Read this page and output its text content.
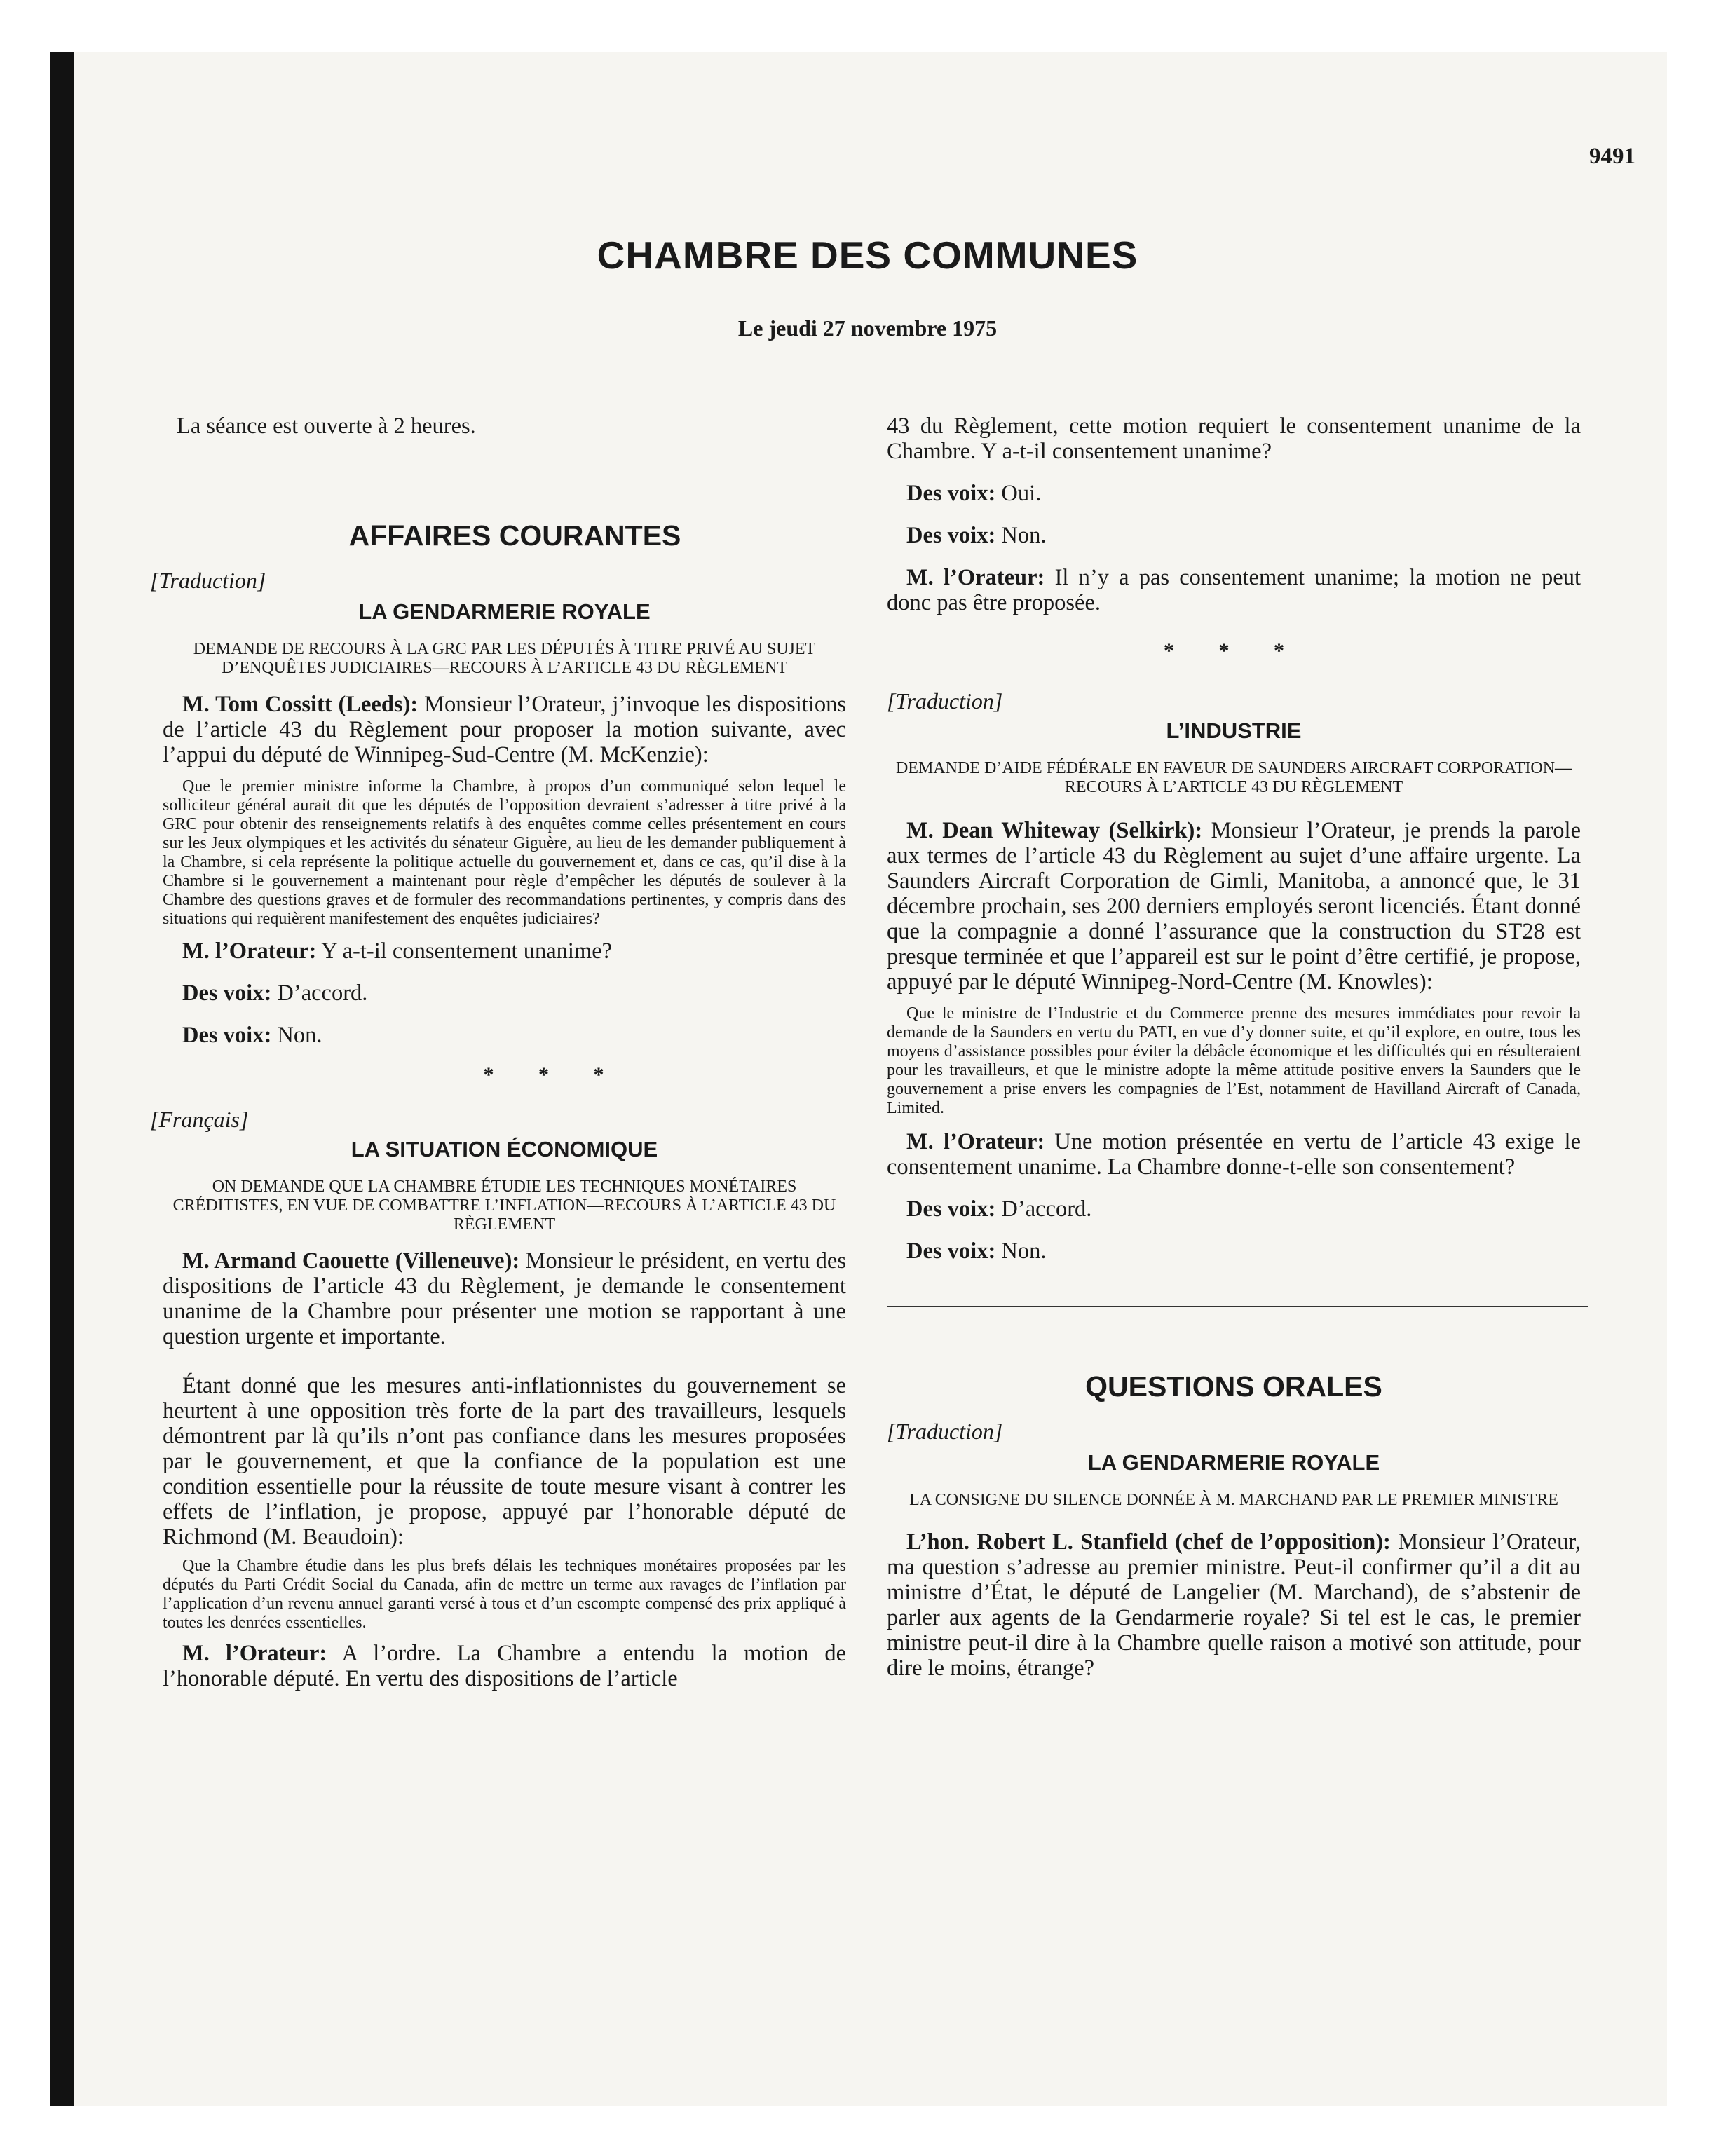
9491
CHAMBRE DES COMMUNES
Le jeudi 27 novembre 1975

La séance est ouverte à 2 heures.

AFFAIRES COURANTES
[Traduction]
LA GENDARMERIE ROYALE
DEMANDE DE RECOURS À LA GRC PAR LES DÉPUTÉS À TITRE PRIVÉ AU SUJET D’ENQUÊTES JUDICIAIRES—RECOURS À L’ARTICLE 43 DU RÈGLEMENT

M. Tom Cossitt (Leeds): Monsieur l’Orateur, j’invoque les dispositions de l’article 43 du Règlement pour proposer la motion suivante, avec l’appui du député de Winnipeg-Sud-Centre (M. McKenzie):

Que le premier ministre informe la Chambre, à propos d’un communiqué selon lequel le solliciteur général aurait dit que les députés de l’opposition devraient s’adresser à titre privé à la GRC pour obtenir des renseignements relatifs à des enquêtes comme celles présentement en cours sur les Jeux olympiques et les activités du sénateur Giguère, au lieu de les demander publiquement à la Chambre, si cela représente la politique actuelle du gouvernement et, dans ce cas, qu’il dise à la Chambre si le gouvernement a maintenant pour règle d’empêcher les députés de soulever à la Chambre des questions graves et de formuler des recommandations pertinentes, y compris dans des situations qui requièrent manifestement des enquêtes judiciaires?

M. l’Orateur: Y a-t-il consentement unanime?

Des voix: D’accord.

Des voix: Non.

* * *
[Français]
LA SITUATION ÉCONOMIQUE
ON DEMANDE QUE LA CHAMBRE ÉTUDIE LES TECHNIQUES MONÉTAIRES CRÉDITISTES, EN VUE DE COMBATTRE L’INFLATION—RECOURS À L’ARTICLE 43 DU RÈGLEMENT

M. Armand Caouette (Villeneuve): Monsieur le président, en vertu des dispositions de l’article 43 du Règlement, je demande le consentement unanime de la Chambre pour présenter une motion se rapportant à une question urgente et importante.

Étant donné que les mesures anti-inflationnistes du gouvernement se heurtent à une opposition très forte de la part des travailleurs, lesquels démontrent par là qu’ils n’ont pas confiance dans les mesures proposées par le gouvernement, et que la confiance de la population est une condition essentielle pour la réussite de toute mesure visant à contrer les effets de l’inflation, je propose, appuyé par l’honorable député de Richmond (M. Beaudoin):

Que la Chambre étudie dans les plus brefs délais les techniques monétaires proposées par les députés du Parti Crédit Social du Canada, afin de mettre un terme aux ravages de l’inflation par l’application d’un revenu annuel garanti versé à tous et d’un escompte compensé des prix appliqué à toutes les denrées essentielles.

M. l’Orateur: A l’ordre. La Chambre a entendu la motion de l’honorable député. En vertu des dispositions de l’article

43 du Règlement, cette motion requiert le consentement unanime de la Chambre. Y a-t-il consentement unanime?

Des voix: Oui.

Des voix: Non.

M. l’Orateur: Il n’y a pas consentement unanime; la motion ne peut donc pas être proposée.

* * *
[Traduction]
L’INDUSTRIE
DEMANDE D’AIDE FÉDÉRALE EN FAVEUR DE SAUNDERS AIRCRAFT CORPORATION—RECOURS À L’ARTICLE 43 DU RÈGLEMENT

M. Dean Whiteway (Selkirk): Monsieur l’Orateur, je prends la parole aux termes de l’article 43 du Règlement au sujet d’une affaire urgente. La Saunders Aircraft Corporation de Gimli, Manitoba, a annoncé que, le 31 décembre prochain, ses 200 derniers employés seront licenciés. Étant donné que la compagnie a donné l’assurance que la construction du ST28 est presque terminée et que l’appareil est sur le point d’être certifié, je propose, appuyé par le député Winnipeg-Nord-Centre (M. Knowles):

Que le ministre de l’Industrie et du Commerce prenne des mesures immédiates pour revoir la demande de la Saunders en vertu du PATI, en vue d’y donner suite, et qu’il explore, en outre, tous les moyens d’assistance possibles pour éviter la débâcle économique et les difficultés qui en résulteraient pour les travailleurs, et que le ministre adopte la même attitude positive envers la Saunders que le gouvernement a prise envers les compagnies de l’Est, notamment de Havilland Aircraft of Canada, Limited.

M. l’Orateur: Une motion présentée en vertu de l’article 43 exige le consentement unanime. La Chambre donne-t-elle son consentement?

Des voix: D’accord.

Des voix: Non.

QUESTIONS ORALES
[Traduction]
LA GENDARMERIE ROYALE
LA CONSIGNE DU SILENCE DONNÉE À M. MARCHAND PAR LE PREMIER MINISTRE

L’hon. Robert L. Stanfield (chef de l’opposition): Monsieur l’Orateur, ma question s’adresse au premier ministre. Peut-il confirmer qu’il a dit au ministre d’État, le député de Langelier (M. Marchand), de s’abstenir de parler aux agents de la Gendarmerie royale? Si tel est le cas, le premier ministre peut-il dire à la Chambre quelle raison a motivé son attitude, pour dire le moins, étrange?
